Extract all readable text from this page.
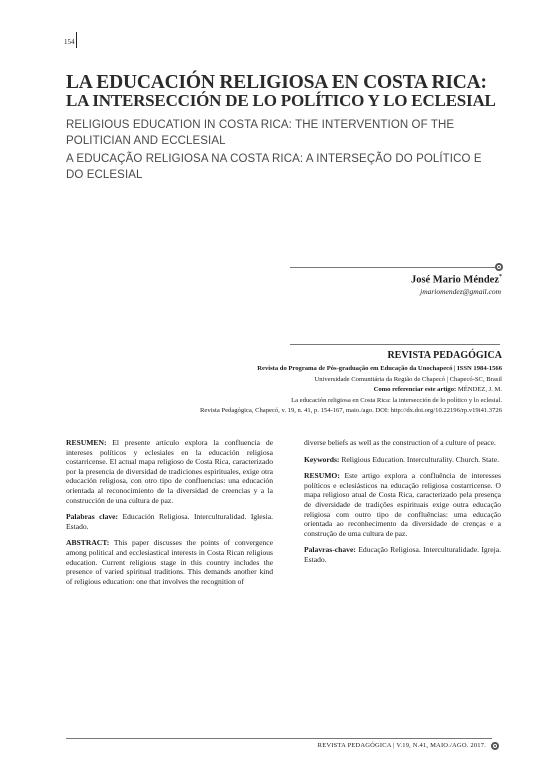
154
LA EDUCACIÓN RELIGIOSA EN COSTA RICA:
LA INTERSECCIÓN DE LO POLÍTICO Y LO ECLESIAL
RELIGIOUS EDUCATION IN COSTA RICA: THE INTERVENTION OF THE POLITICIAN AND ECCLESIAL
A EDUCAÇÃO RELIGIOSA NA COSTA RICA: A INTERSEÇÃO DO POLÍTICO E DO ECLESIAL
José Mario Méndez*
jmariomendez@gmail.com
REVISTA PEDAGÓGICA
Revista do Programa de Pós-graduação em Educação da Unochapecó | ISSN 1984-1566
Universidade Comunitária da Região de Chapecó | Chapecó-SC, Brasil
Como referenciar este artigo: MÉNDEZ, J. M.
La educación religiosa en Costa Rica: la intersección de lo político y lo eclesial.
Revista Pedagógica, Chapecó, v. 19, n. 41, p. 154-167, maio./ago. DOI: http://dx.doi.org/10.22196/rp.v19i41.3726

RESUMEN: El presente artículo explora la confluencia de intereses políticos y eclesiales en la educación religiosa costarricense. El actual mapa religioso de Costa Rica, caracterizado por la presencia de diversidad de tradiciones espirituales, exige otra educación religiosa, con otro tipo de confluencias: una educación orientada al reconocimiento de la diversidad de creencias y a la construcción de una cultura de paz.

Palabras clave: Educación Religiosa. Interculturalidad. Iglesia. Estado.

ABSTRACT: This paper discusses the points of convergence among political and ecclesiastical interests in Costa Rican religious education. Current religious stage in this country includes the presence of varied spiritual traditions. This demands another kind of religious education: one that involves the recognition of

diverse beliefs as well as the construction of a culture of peace.

Keywords: Religious Education. Interculturality. Church. State.

RESUMO: Este artigo explora a confluência de interesses políticos e eclesiásticos na educação religiosa costarricense. O mapa religioso atual de Costa Rica, caracterizado pela presença de diversidade de tradições espirituais exige outra educação religiosa com outro tipo de confluências: uma educação orientada ao reconhecimento da diversidade de crenças e a construção de uma cultura de paz.

Palavras-chave: Educação Religiosa. Interculturalidade. Igreja. Estado.

REVISTA PEDAGÓGICA | V.19, N.41, MAIO./AGO. 2017.
